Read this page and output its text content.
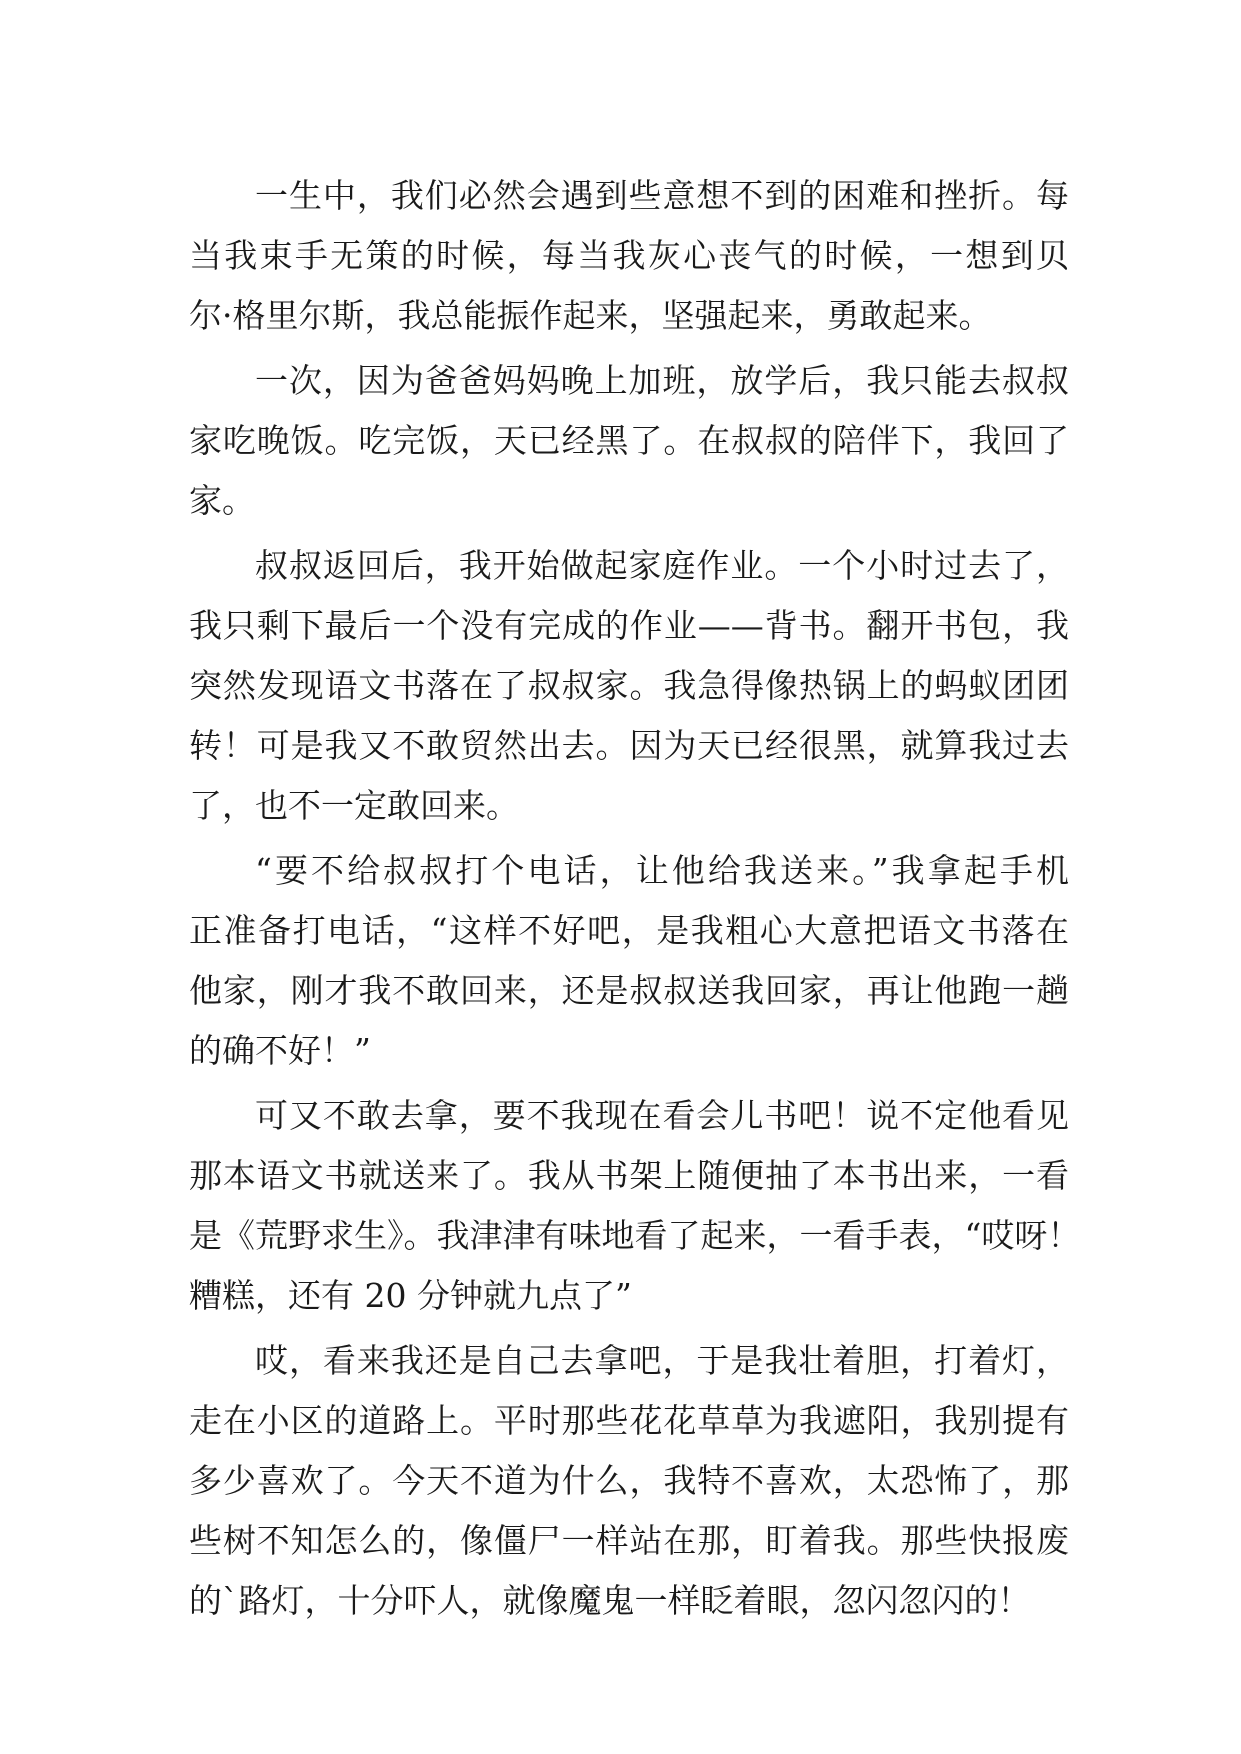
一生中，我们必然会遇到些意想不到的困难和挫折。每
当我束手无策的时候，每当我灰心丧气的时候，一想到贝
尔·格里尔斯，我总能振作起来，坚强起来，勇敢起来。
一次，因为爸爸妈妈晚上加班，放学后，我只能去叔叔
家吃晚饭。吃完饭，天已经黑了。在叔叔的陪伴下，我回了
家。
叔叔返回后，我开始做起家庭作业。一个小时过去了，
我只剩下最后一个没有完成的作业——背书。翻开书包，我
突然发现语文书落在了叔叔家。我急得像热锅上的蚂蚁团团
转！可是我又不敢贸然出去。因为天已经很黑，就算我过去
了，也不一定敢回来。
“要不给叔叔打个电话，让他给我送来。”我拿起手机
正准备打电话，“这样不好吧，是我粗心大意把语文书落在
他家，刚才我不敢回来，还是叔叔送我回家，再让他跑一趟
的确不好！”
可又不敢去拿，要不我现在看会儿书吧！说不定他看见
那本语文书就送来了。我从书架上随便抽了本书出来，一看
是《荒野求生》。我津津有味地看了起来，一看手表，“哎呀！
糟糕，还有 20 分钟就九点了”
哎，看来我还是自己去拿吧，于是我壮着胆，打着灯，
走在小区的道路上。平时那些花花草草为我遮阳，我别提有
多少喜欢了。今天不道为什么，我特不喜欢，太恐怖了，那
些树不知怎么的，像僵尸一样站在那，盯着我。那些快报废
的`路灯，十分吓人，就像魔鬼一样眨着眼，忽闪忽闪的！
